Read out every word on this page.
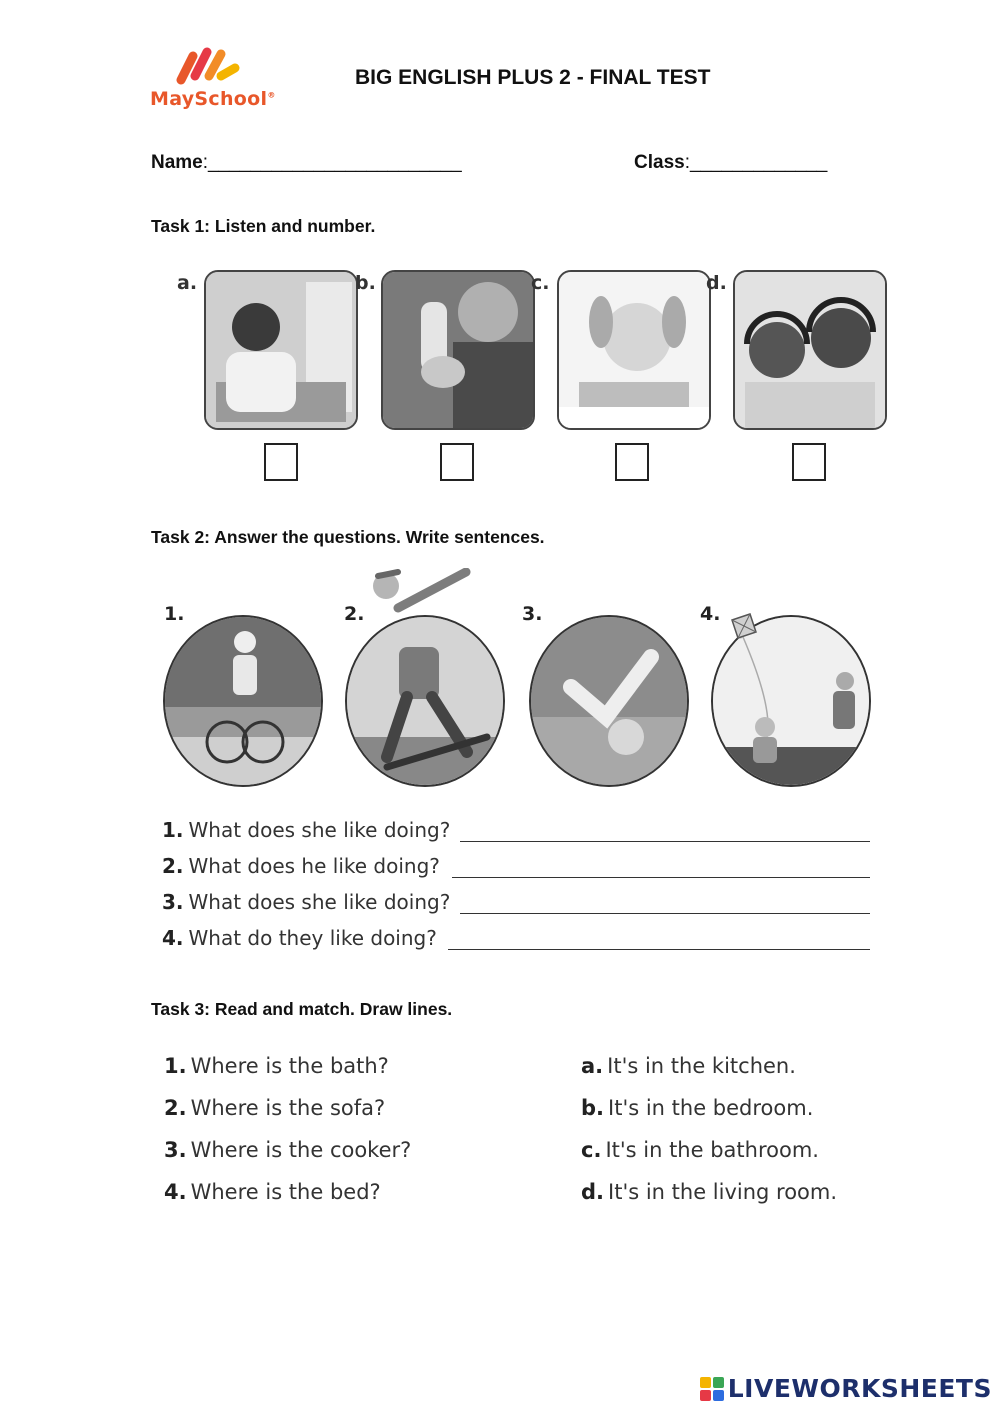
MaySchool®
BIG ENGLISH PLUS 2 - FINAL TEST
Name:________________________	Class:_____________
Task 1: Listen and number.
a.	b.	c.	d.
Task 2: Answer the questions. Write sentences.
1.	2.	3.	4.
1. What does she like doing?
2. What does he like doing?
3. What does she like doing?
4. What do they like doing?
Task 3: Read and match. Draw lines.
1. Where is the bath?
2. Where is the sofa?
3. Where is the cooker?
4. Where is the bed?
a. It's in the kitchen.
b. It's in the bedroom.
c. It's in the bathroom.
d. It's in the living room.
LIVEWORKSHEETS
